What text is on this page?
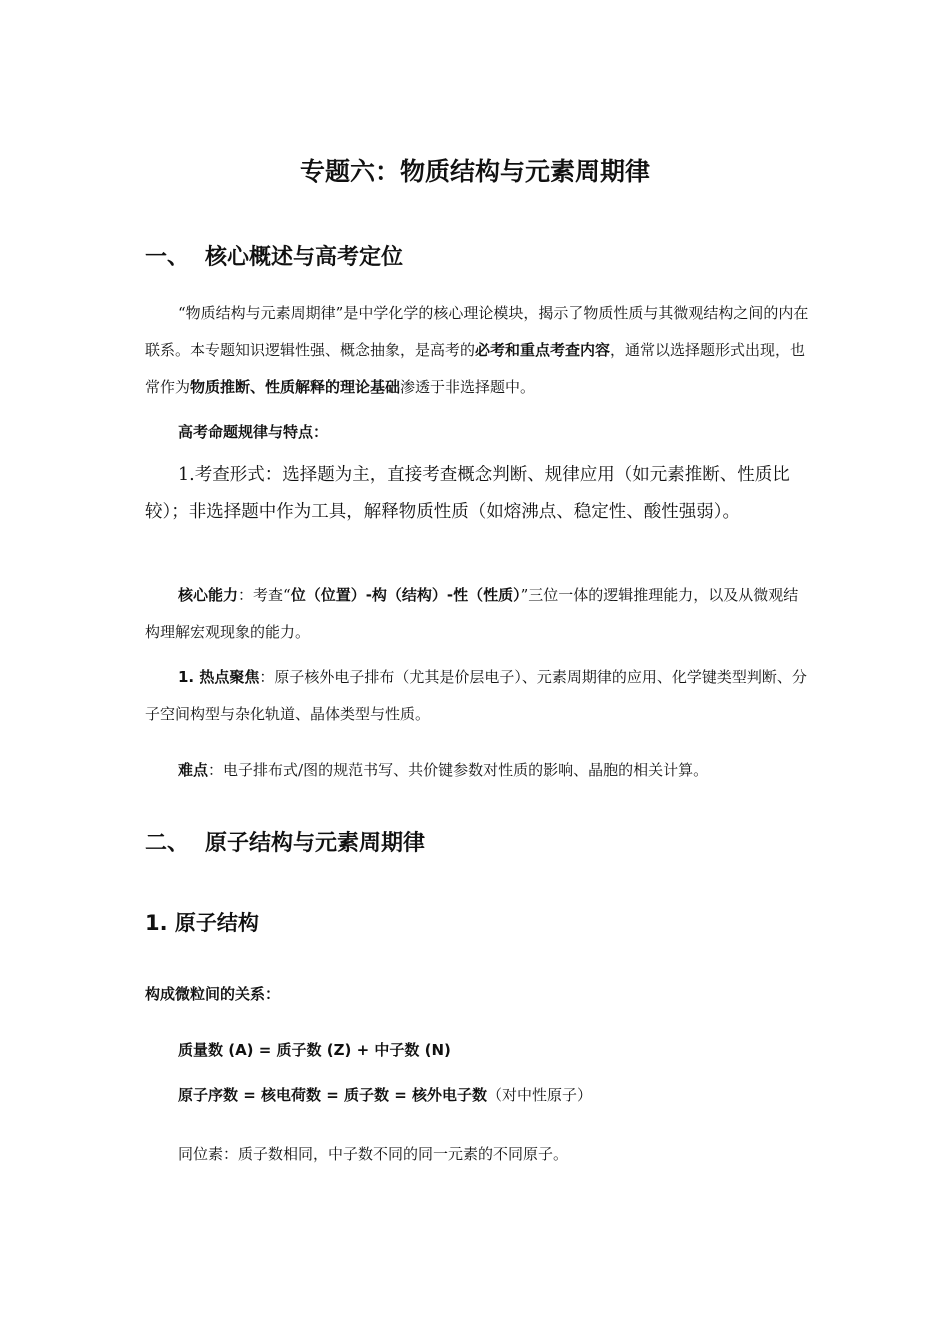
专题六：物质结构与元素周期律
一、 核心概述与高考定位

“物质结构与元素周期律”是中学化学的核心理论模块，揭示了物质性质与其微观结构之间的内在联系。本专题知识逻辑性强、概念抽象，是高考的必考和重点考查内容，通常以选择题形式出现，也常作为物质推断、性质解释的理论基础渗透于非选择题中。

高考命题规律与特点：

1.考查形式：选择题为主，直接考查概念判断、规律应用（如元素推断、性质比较）；非选择题中作为工具，解释物质性质（如熔沸点、稳定性、酸性强弱）。

核心能力：考查“位（位置）-构（结构）-性（性质）”三位一体的逻辑推理能力，以及从微观结构理解宏观现象的能力。

1. 热点聚焦：原子核外电子排布（尤其是价层电子）、元素周期律的应用、化学键类型判断、分子空间构型与杂化轨道、晶体类型与性质。

难点：电子排布式/图的规范书写、共价键参数对性质的影响、晶胞的相关计算。

二、 原子结构与元素周期律
1. 原子结构

构成微粒间的关系：

质量数 (A) = 质子数 (Z) + 中子数 (N)

原子序数 = 核电荷数 = 质子数 = 核外电子数（对中性原子）

同位素：质子数相同，中子数不同的同一元素的不同原子。
